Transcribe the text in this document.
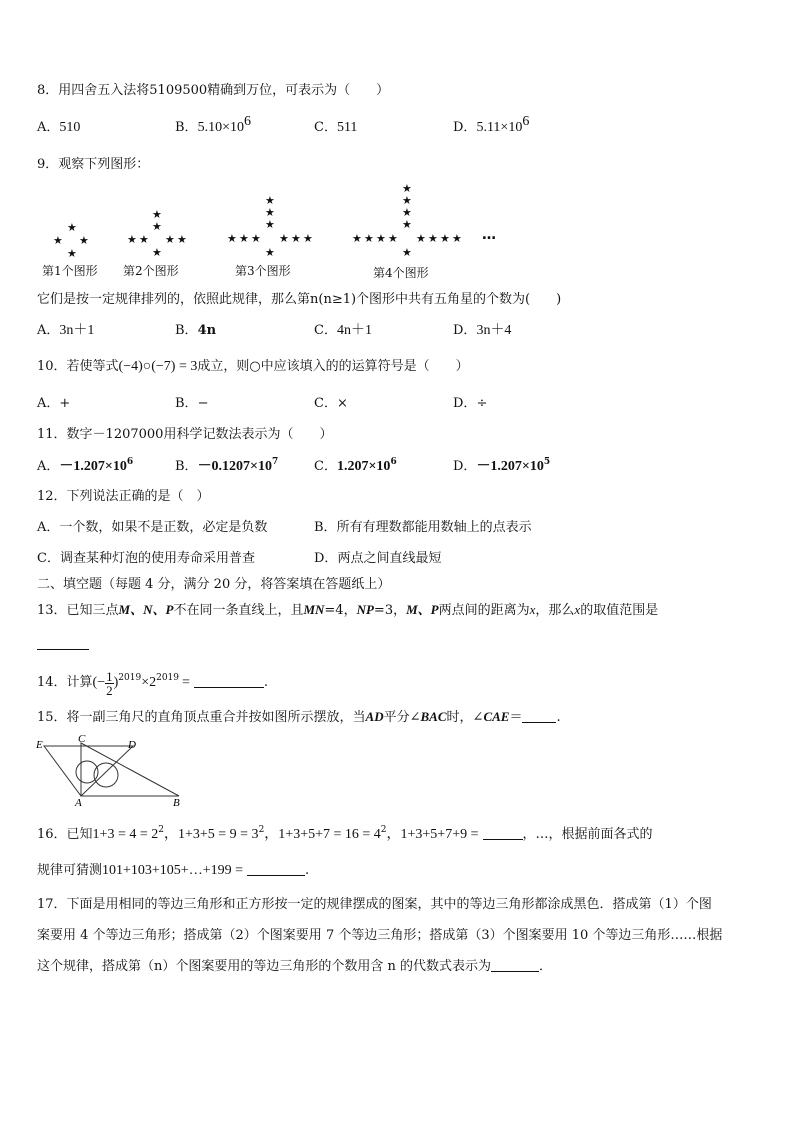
8．用四舍五入法将5109500精确到万位，可表示为（　　）
A．510	B．$5.10\times 10^6$	C．511	D．$5.11\times 10^6$
9．观察下列图形：
★
★ ★
★
★
★
★ ★ ★ ★
★
★
★
★
★ ★ ★ ★ ★ ★
★
★
★
★
★
★ ★ ★ ★ ★ ★ ★ ★
★
…
第1个图形 第2个图形	第3个图形	第4个图形
它们是按一定规律排列的，依照此规律，那么第n(n≥1)个图形中共有五角星的个数为(　　)
A．3n＋1	B．4n	C．4n＋1	D．3n＋4
10．若使等式(−4)○(−7) = 3成立，则○中应该填入的的运算符号是（　　）
A．+	B．−	C．×	D．÷
11．数字－1207000用科学记数法表示为（　　）
A．$-1.207\times 10^6$	B．$-0.1207\times 10^7$	C．$1.207\times 10^6$	D．$-1.207\times 10^5$
12．下列说法正确的是（　）
A．一个数，如果不是正数，必定是负数	B．所有有理数都能用数轴上的点表示
C．调查某种灯泡的使用寿命采用普查	D．两点之间直线最短
二、填空题（每题 4 分，满分 20 分，将答案填在答题纸上）
13．已知三点M、N、P不在同一条直线上，且MN=4，NP=3，M、P两点间的距离为x，那么x的取值范围是
14．计算(− $\frac{1}{2} )^{2019}\times 2^{2019}$ =	.
15．将一副三角尺的直角顶点重合并按如图所示摆放，当AD平分∠BAC时，∠CAE＝	.
E	C	D
A	B
16．已知$1+3 = 4 = 2^2$，$1+3+5 = 9 = 3^2$，$1+3+5+7 = 16 = 4^2$，1+3+5+7+9 =	，…，根据前面各式的
规律可猜测101+103+105+…+199 =	.
17．下面是用相同的等边三角形和正方形按一定的规律摆成的图案，其中的等边三角形都涂成黑色．搭成第（1）个图
案要用 4 个等边三角形；搭成第（2）个图案要用 7 个等边三角形；搭成第（3）个图案要用 10 个等边三角形……根据
这个规律，搭成第（n）个图案要用的等边三角形的个数用含 n 的代数式表示为	．
